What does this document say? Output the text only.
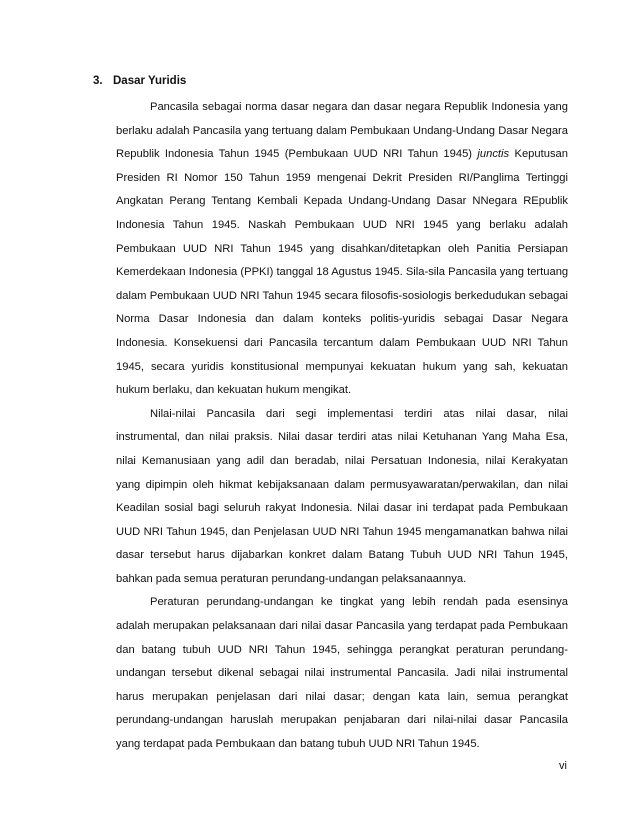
3. Dasar Yuridis
Pancasila sebagai norma dasar negara dan dasar negara Republik Indonesia yang
berlaku adalah Pancasila yang tertuang dalam Pembukaan Undang-Undang Dasar Negara
Republik Indonesia Tahun 1945 (Pembukaan UUD NRI Tahun 1945) junctis Keputusan
Presiden RI Nomor 150 Tahun 1959 mengenai Dekrit Presiden RI/Panglima Tertinggi
Angkatan Perang Tentang Kembali Kepada Undang-Undang Dasar NNegara REpublik
Indonesia Tahun 1945. Naskah Pembukaan UUD NRI 1945 yang berlaku adalah
Pembukaan UUD NRI Tahun 1945 yang disahkan/ditetapkan oleh Panitia Persiapan
Kemerdekaan Indonesia (PPKI) tanggal 18 Agustus 1945. Sila-sila Pancasila yang tertuang
dalam Pembukaan UUD NRI Tahun 1945 secara filosofis-sosiologis berkedudukan sebagai
Norma Dasar Indonesia dan dalam konteks politis-yuridis sebagai Dasar Negara
Indonesia. Konsekuensi dari Pancasila tercantum dalam Pembukaan UUD NRI Tahun
1945, secara yuridis konstitusional mempunyai kekuatan hukum yang sah, kekuatan
hukum berlaku, dan kekuatan hukum mengikat.
Nilai-nilai Pancasila dari segi implementasi terdiri atas nilai dasar, nilai
instrumental, dan nilai praksis. Nilai dasar terdiri atas nilai Ketuhanan Yang Maha Esa,
nilai Kemanusiaan yang adil dan beradab, nilai Persatuan Indonesia, nilai Kerakyatan
yang dipimpin oleh hikmat kebijaksanaan dalam permusyawaratan/perwakilan, dan nilai
Keadilan sosial bagi seluruh rakyat Indonesia. Nilai dasar ini terdapat pada Pembukaan
UUD NRI Tahun 1945, dan Penjelasan UUD NRI Tahun 1945 mengamanatkan bahwa nilai
dasar tersebut harus dijabarkan konkret dalam Batang Tubuh UUD NRI Tahun 1945,
bahkan pada semua peraturan perundang-undangan pelaksanaannya.
Peraturan perundang-undangan ke tingkat yang lebih rendah pada esensinya
adalah merupakan pelaksanaan dari nilai dasar Pancasila yang terdapat pada Pembukaan
dan batang tubuh UUD NRI Tahun 1945, sehingga perangkat peraturan perundang-
undangan tersebut dikenal sebagai nilai instrumental Pancasila. Jadi nilai instrumental
harus merupakan penjelasan dari nilai dasar; dengan kata lain, semua perangkat
perundang-undangan haruslah merupakan penjabaran dari nilai-nilai dasar Pancasila
yang terdapat pada Pembukaan dan batang tubuh UUD NRI Tahun 1945.
vi
